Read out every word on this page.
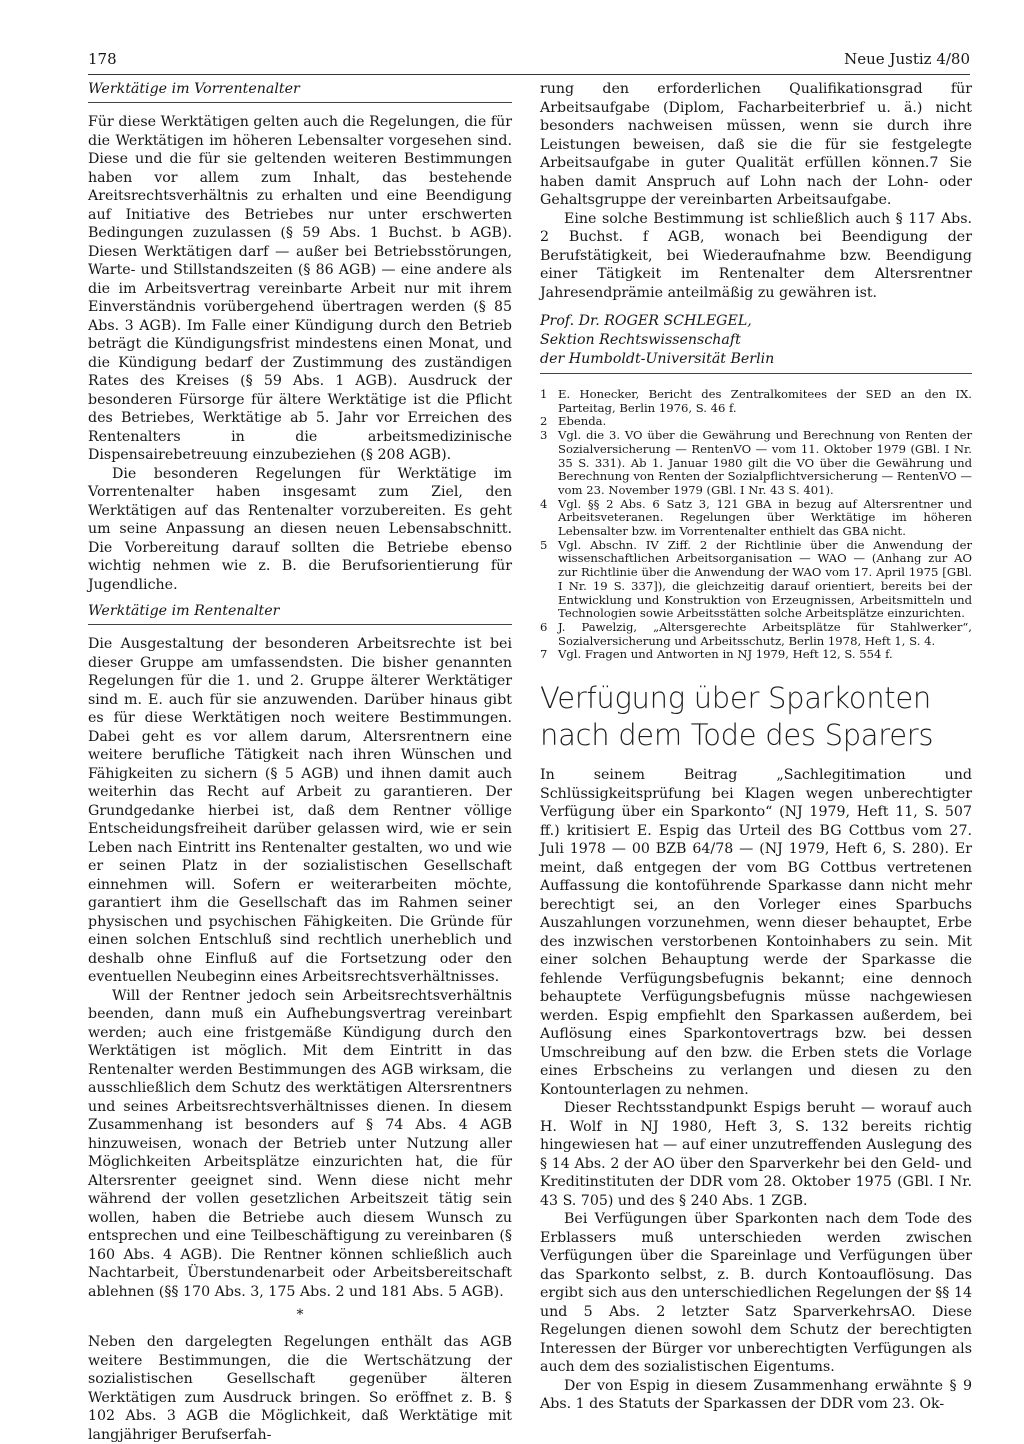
178	Neue Justiz 4/80
Werktätige im Vorrentenalter

Für diese Werktätigen gelten auch die Regelungen, die für die Werktätigen im höheren Lebensalter vorgesehen sind. Diese und die für sie geltenden weiteren Bestimmungen haben vor allem zum Inhalt, das bestehende Areitsrechtsverhältnis zu erhalten und eine Beendigung auf Initiative des Betriebes nur unter erschwerten Bedingungen zuzulassen (§ 59 Abs. 1 Buchst. b AGB). Diesen Werktätigen darf — außer bei Betriebsstörungen, Warte- und Stillstandszeiten (§ 86 AGB) — eine andere als die im Arbeitsvertrag vereinbarte Arbeit nur mit ihrem Einverständnis vorübergehend übertragen werden (§ 85 Abs. 3 AGB). Im Falle einer Kündigung durch den Betrieb beträgt die Kündigungsfrist mindestens einen Monat, und die Kündigung bedarf der Zustimmung des zuständigen Rates des Kreises (§ 59 Abs. 1 AGB). Ausdruck der besonderen Fürsorge für ältere Werktätige ist die Pflicht des Betriebes, Werktätige ab 5. Jahr vor Erreichen des Rentenalters in die arbeitsmedizinische Dispensairebetreuung einzubeziehen (§ 208 AGB).

Die besonderen Regelungen für Werktätige im Vorrentenalter haben insgesamt zum Ziel, den Werktätigen auf das Rentenalter vorzubereiten. Es geht um seine Anpassung an diesen neuen Lebensabschnitt. Die Vorbereitung darauf sollten die Betriebe ebenso wichtig nehmen wie z. B. die Berufsorientierung für Jugendliche.

Werktätige im Rentenalter

Die Ausgestaltung der besonderen Arbeitsrechte ist bei dieser Gruppe am umfassendsten. Die bisher genannten Regelungen für die 1. und 2. Gruppe älterer Werktätiger sind m. E. auch für sie anzuwenden. Darüber hinaus gibt es für diese Werktätigen noch weitere Bestimmungen. Dabei geht es vor allem darum, Altersrentnern eine weitere berufliche Tätigkeit nach ihren Wünschen und Fähigkeiten zu sichern (§ 5 AGB) und ihnen damit auch weiterhin das Recht auf Arbeit zu garantieren. Der Grundgedanke hierbei ist, daß dem Rentner völlige Entscheidungsfreiheit darüber gelassen wird, wie er sein Leben nach Eintritt ins Rentenalter gestalten, wo und wie er seinen Platz in der sozialistischen Gesellschaft einnehmen will. Sofern er weiterarbeiten möchte, garantiert ihm die Gesellschaft das im Rahmen seiner physischen und psychischen Fähigkeiten. Die Gründe für einen solchen Entschluß sind rechtlich unerheblich und deshalb ohne Einfluß auf die Fortsetzung oder den eventuellen Neubeginn eines Arbeitsrechtsverhältnisses.

Will der Rentner jedoch sein Arbeitsrechtsverhältnis beenden, dann muß ein Aufhebungsvertrag vereinbart werden; auch eine fristgemäße Kündigung durch den Werktätigen ist möglich. Mit dem Eintritt in das Rentenalter werden Bestimmungen des AGB wirksam, die ausschließlich dem Schutz des werktätigen Altersrentners und seines Arbeitsrechtsverhältnisses dienen. In diesem Zusammenhang ist besonders auf § 74 Abs. 4 AGB hinzuweisen, wonach der Betrieb unter Nutzung aller Möglichkeiten Arbeitsplätze einzurichten hat, die für Altersrenter geeignet sind. Wenn diese nicht mehr während der vollen gesetzlichen Arbeitszeit tätig sein wollen, haben die Betriebe auch diesem Wunsch zu entsprechen und eine Teilbeschäftigung zu vereinbaren (§ 160 Abs. 4 AGB). Die Rentner können schließlich auch Nachtarbeit, Überstundenarbeit oder Arbeitsbereitschaft ablehnen (§§ 170 Abs. 3, 175 Abs. 2 und 181 Abs. 5 AGB).

*

Neben den dargelegten Regelungen enthält das AGB weitere Bestimmungen, die die Wertschätzung der sozialistischen Gesellschaft gegenüber älteren Werktätigen zum Ausdruck bringen. So eröffnet z. B. § 102 Abs. 3 AGB die Möglichkeit, daß Werktätige mit langjähriger Berufserfah-

rung den erforderlichen Qualifikationsgrad für Arbeitsaufgabe (Diplom, Facharbeiterbrief u. ä.) nicht besonders nachweisen müssen, wenn sie durch ihre Leistungen beweisen, daß sie die für sie festgelegte Arbeitsaufgabe in guter Qualität erfüllen können.7 Sie haben damit Anspruch auf Lohn nach der Lohn- oder Gehaltsgruppe der vereinbarten Arbeitsaufgabe.

Eine solche Bestimmung ist schließlich auch § 117 Abs. 2 Buchst. f AGB, wonach bei Beendigung der Berufstätigkeit, bei Wiederaufnahme bzw. Beendigung einer Tätigkeit im Rentenalter dem Altersrentner Jahresendprämie anteilmäßig zu gewähren ist.

Prof. Dr. ROGER SCHLEGEL,
Sektion Rechtswissenschaft
der Humboldt-Universität Berlin
1 E. Honecker, Bericht des Zentralkomitees der SED an den IX. Parteitag, Berlin 1976, S. 46 f.
2 Ebenda.
3 Vgl. die 3. VO über die Gewährung und Berechnung von Renten der Sozialversicherung — RentenVO — vom 11. Oktober 1979 (GBl. I Nr. 35 S. 331). Ab 1. Januar 1980 gilt die VO über die Gewährung und Berechnung von Renten der Sozialpflichtversicherung — RentenVO — vom 23. November 1979 (GBl. I Nr. 43 S. 401).
4 Vgl. §§ 2 Abs. 6 Satz 3, 121 GBA in bezug auf Altersrentner und Arbeitsveteranen. Regelungen über Werktätige im höheren Lebensalter bzw. im Vorrentenalter enthielt das GBA nicht.
5 Vgl. Abschn. IV Ziff. 2 der Richtlinie über die Anwendung der wissenschaftlichen Arbeitsorganisation — WAO — (Anhang zur AO zur Richtlinie über die Anwendung der WAO vom 17. April 1975 [GBl. I Nr. 19 S. 337]), die gleichzeitig darauf orientiert, bereits bei der Entwicklung und Konstruktion von Erzeugnissen, Arbeitsmitteln und Technologien sowie Arbeitsstätten solche Arbeitsplätze einzurichten.
6 J. Pawelzig, „Altersgerechte Arbeitsplätze für Stahlwerker“, Sozialversicherung und Arbeitsschutz, Berlin 1978, Heft 1, S. 4.
7 Vgl. Fragen und Antworten in NJ 1979, Heft 12, S. 554 f.
Verfügung über Sparkonten
nach dem Tode des Sparers

In seinem Beitrag „Sachlegitimation und Schlüssigkeitsprüfung bei Klagen wegen unberechtigter Verfügung über ein Sparkonto“ (NJ 1979, Heft 11, S. 507 ff.) kritisiert E. Espig das Urteil des BG Cottbus vom 27. Juli 1978 — 00 BZB 64/78 — (NJ 1979, Heft 6, S. 280). Er meint, daß entgegen der vom BG Cottbus vertretenen Auffassung die kontoführende Sparkasse dann nicht mehr berechtigt sei, an den Vorleger eines Sparbuchs Auszahlungen vorzunehmen, wenn dieser behauptet, Erbe des inzwischen verstorbenen Kontoinhabers zu sein. Mit einer solchen Behauptung werde der Sparkasse die fehlende Verfügungsbefugnis bekannt; eine dennoch behauptete Verfügungsbefugnis müsse nachgewiesen werden. Espig empfiehlt den Sparkassen außerdem, bei Auflösung eines Sparkontovertrags bzw. bei dessen Umschreibung auf den bzw. die Erben stets die Vorlage eines Erbscheins zu verlangen und diesen zu den Kontounterlagen zu nehmen.

Dieser Rechtsstandpunkt Espigs beruht — worauf auch H. Wolf in NJ 1980, Heft 3, S. 132 bereits richtig hingewiesen hat — auf einer unzutreffenden Auslegung des § 14 Abs. 2 der AO über den Sparverkehr bei den Geld- und Kreditinstituten der DDR vom 28. Oktober 1975 (GBl. I Nr. 43 S. 705) und des § 240 Abs. 1 ZGB.

Bei Verfügungen über Sparkonten nach dem Tode des Erblassers muß unterschieden werden zwischen Verfügungen über die Spareinlage und Verfügungen über das Sparkonto selbst, z. B. durch Kontoauflösung. Das ergibt sich aus den unterschiedlichen Regelungen der §§ 14 und 5 Abs. 2 letzter Satz SparverkehrsAO. Diese Regelungen dienen sowohl dem Schutz der berechtigten Interessen der Bürger vor unberechtigten Verfügungen als auch dem des sozialistischen Eigentums.

Der von Espig in diesem Zusammenhang erwähnte § 9 Abs. 1 des Statuts der Sparkassen der DDR vom 23. Ok-
